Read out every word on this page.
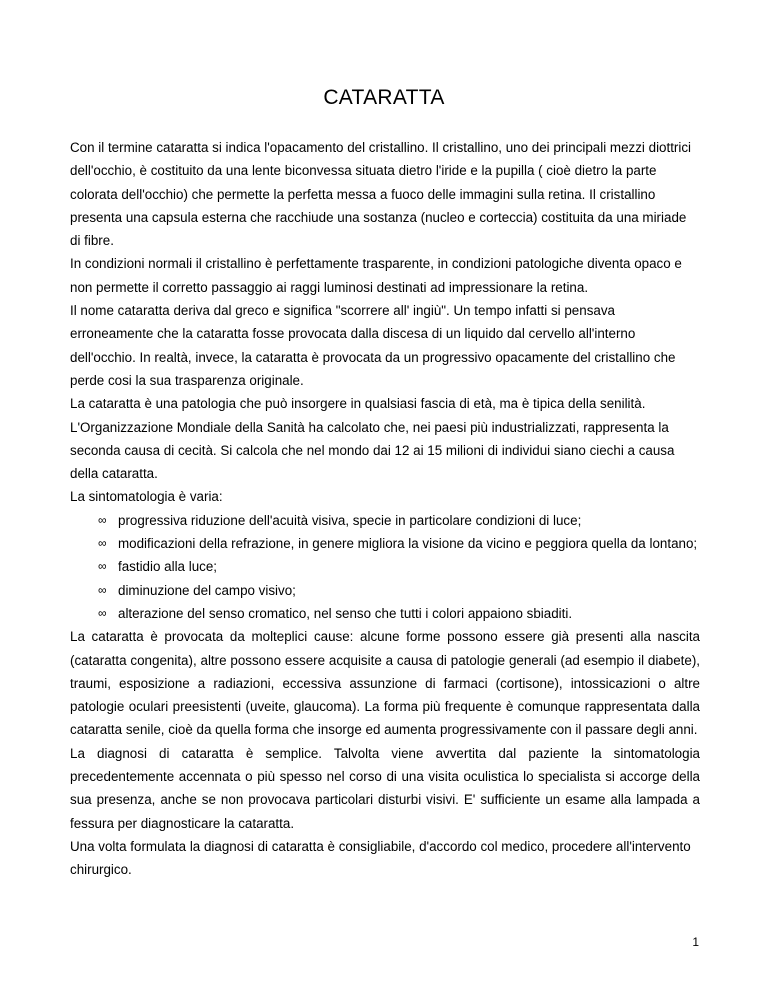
CATARATTA

Con il termine cataratta si indica l'opacamento del cristallino. Il cristallino, uno dei principali mezzi diottrici dell'occhio, è costituito da una lente biconvessa situata dietro l'iride e la pupilla ( cioè dietro la parte colorata dell'occhio) che permette la perfetta messa a fuoco delle immagini sulla retina. Il cristallino presenta una capsula esterna che racchiude una sostanza (nucleo e corteccia) costituita da una miriade di fibre.

In condizioni normali il cristallino è perfettamente trasparente, in condizioni patologiche diventa opaco e non permette il corretto passaggio ai raggi luminosi destinati ad impressionare la retina.

Il nome cataratta deriva dal greco e significa "scorrere all' ingiù". Un tempo infatti si pensava erroneamente che la cataratta fosse provocata dalla discesa di un liquido dal cervello all'interno dell'occhio. In realtà, invece, la cataratta è provocata da un progressivo opacamente del cristallino che perde cosi la sua trasparenza originale.

La cataratta è una patologia che può insorgere in qualsiasi fascia di età, ma è tipica della senilità.

L'Organizzazione Mondiale della Sanità ha calcolato che, nei paesi più industrializzati, rappresenta la seconda causa di cecità. Si calcola che nel mondo dai 12 ai 15 milioni di individui siano ciechi a causa della cataratta.

La sintomatologia è varia:

∞ progressiva riduzione dell'acuità visiva, specie in particolare condizioni di luce;
∞ modificazioni della refrazione, in genere migliora la visione da vicino e peggiora quella da lontano;
∞ fastidio alla luce;
∞ diminuzione del campo visivo;
∞ alterazione del senso cromatico, nel senso che tutti i colori appaiono sbiaditi.

La cataratta è provocata da molteplici cause: alcune forme possono essere già presenti alla nascita (cataratta congenita), altre possono essere acquisite a causa di patologie generali (ad esempio il diabete), traumi, esposizione a radiazioni, eccessiva assunzione di farmaci (cortisone), intossicazioni o altre patologie oculari preesistenti (uveite, glaucoma). La forma più frequente è comunque rappresentata dalla cataratta senile, cioè da quella forma che insorge ed aumenta progressivamente con il passare degli anni.

La diagnosi di cataratta è semplice. Talvolta viene avvertita dal paziente la sintomatologia precedentemente accennata o più spesso nel corso di una visita oculistica lo specialista si accorge della sua presenza, anche se non provocava particolari disturbi visivi. E' sufficiente un esame alla lampada a fessura per diagnosticare la cataratta.

Una volta formulata la diagnosi di cataratta è consigliabile, d'accordo col medico, procedere all'intervento chirurgico.

1
